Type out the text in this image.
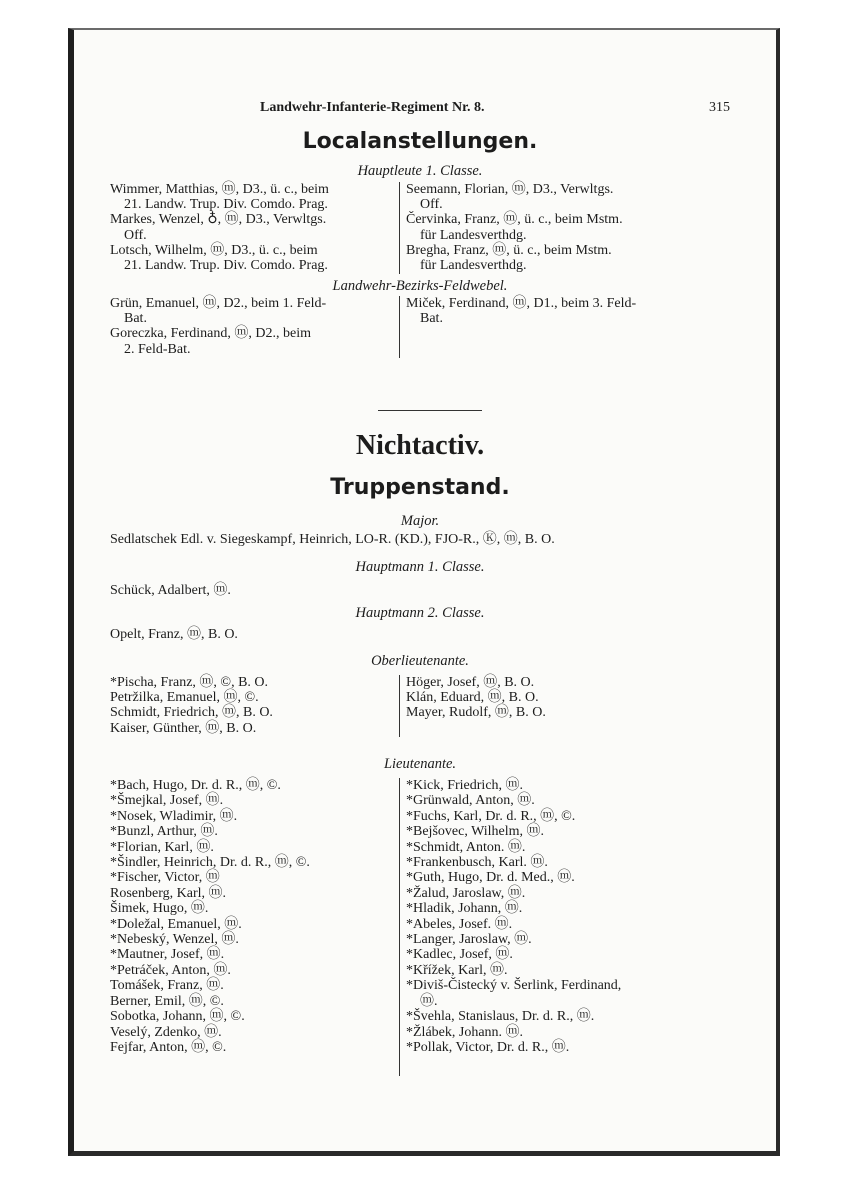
Landwehr-Infanterie-Regiment Nr. 8.	315
Localanstellungen.
Hauptleute 1. Classe.

Wimmer, Matthias, ⓜ, D3., ü. c., beim

21. Landw. Trup. Div. Comdo. Prag.

Markes, Wenzel, ♁, ⓜ, D3., Verwltgs.

Off.

Lotsch, Wilhelm, ⓜ, D3., ü. c., beim

21. Landw. Trup. Div. Comdo. Prag.

Seemann, Florian, ⓜ, D3., Verwltgs.

Off.

Červinka, Franz, ⓜ, ü. c., beim Mstm.

für Landesverthdg.

Bregha, Franz, ⓜ, ü. c., beim Mstm.

für Landesverthdg.

Landwehr-Bezirks-Feldwebel.

Grün, Emanuel, ⓜ, D2., beim 1. Feld-

Bat.

Goreczka, Ferdinand, ⓜ, D2., beim

2. Feld-Bat.

Miček, Ferdinand, ⓜ, D1., beim 3. Feld-

Bat.

Nichtactiv.
Truppenstand.
Major.
Sedlatschek Edl. v. Siegeskampf, Heinrich, LO-R. (KD.), FJO-R., Ⓚ, ⓜ, B. O.
Hauptmann 1. Classe.
Schück, Adalbert, ⓜ.
Hauptmann 2. Classe.
Opelt, Franz, ⓜ, B. O.
Oberlieutenante.

*Pischa, Franz, ⓜ, ©, B. O.

Petržilka, Emanuel, ⓜ, ©.

Schmidt, Friedrich, ⓜ, B. O.

Kaiser, Günther, ⓜ, B. O.

Höger, Josef, ⓜ, B. O.

Klán, Eduard, ⓜ, B. O.

Mayer, Rudolf, ⓜ, B. O.

Lieutenante.

*Bach, Hugo, Dr. d. R., ⓜ, ©.

*Šmejkal, Josef, ⓜ.

*Nosek, Wladimir, ⓜ.

*Bunzl, Arthur, ⓜ.

*Florian, Karl, ⓜ.

*Šindler, Heinrich, Dr. d. R., ⓜ, ©.

*Fischer, Victor, ⓜ

Rosenberg, Karl, ⓜ.

Šimek, Hugo, ⓜ.

*Doležal, Emanuel, ⓜ.

*Nebeský, Wenzel, ⓜ.

*Mautner, Josef, ⓜ.

*Petráček, Anton, ⓜ.

Tomášek, Franz, ⓜ.

Berner, Emil, ⓜ, ©.

Sobotka, Johann, ⓜ, ©.

Veselý, Zdenko, ⓜ.

Fejfar, Anton, ⓜ, ©.

*Kick, Friedrich, ⓜ.

*Grünwald, Anton, ⓜ.

*Fuchs, Karl, Dr. d. R., ⓜ, ©.

*Bejšovec, Wilhelm, ⓜ.

*Schmidt, Anton. ⓜ.

*Frankenbusch, Karl. ⓜ.

*Guth, Hugo, Dr. d. Med., ⓜ.

*Žalud, Jaroslaw, ⓜ.

*Hladik, Johann, ⓜ.

*Abeles, Josef. ⓜ.

*Langer, Jaroslaw, ⓜ.

*Kadlec, Josef, ⓜ.

*Křížek, Karl, ⓜ.

*Diviš-Čistecký v. Šerlink, Ferdinand,

ⓜ.

*Švehla, Stanislaus, Dr. d. R., ⓜ.

*Žlábek, Johann. ⓜ.

*Pollak, Victor, Dr. d. R., ⓜ.
